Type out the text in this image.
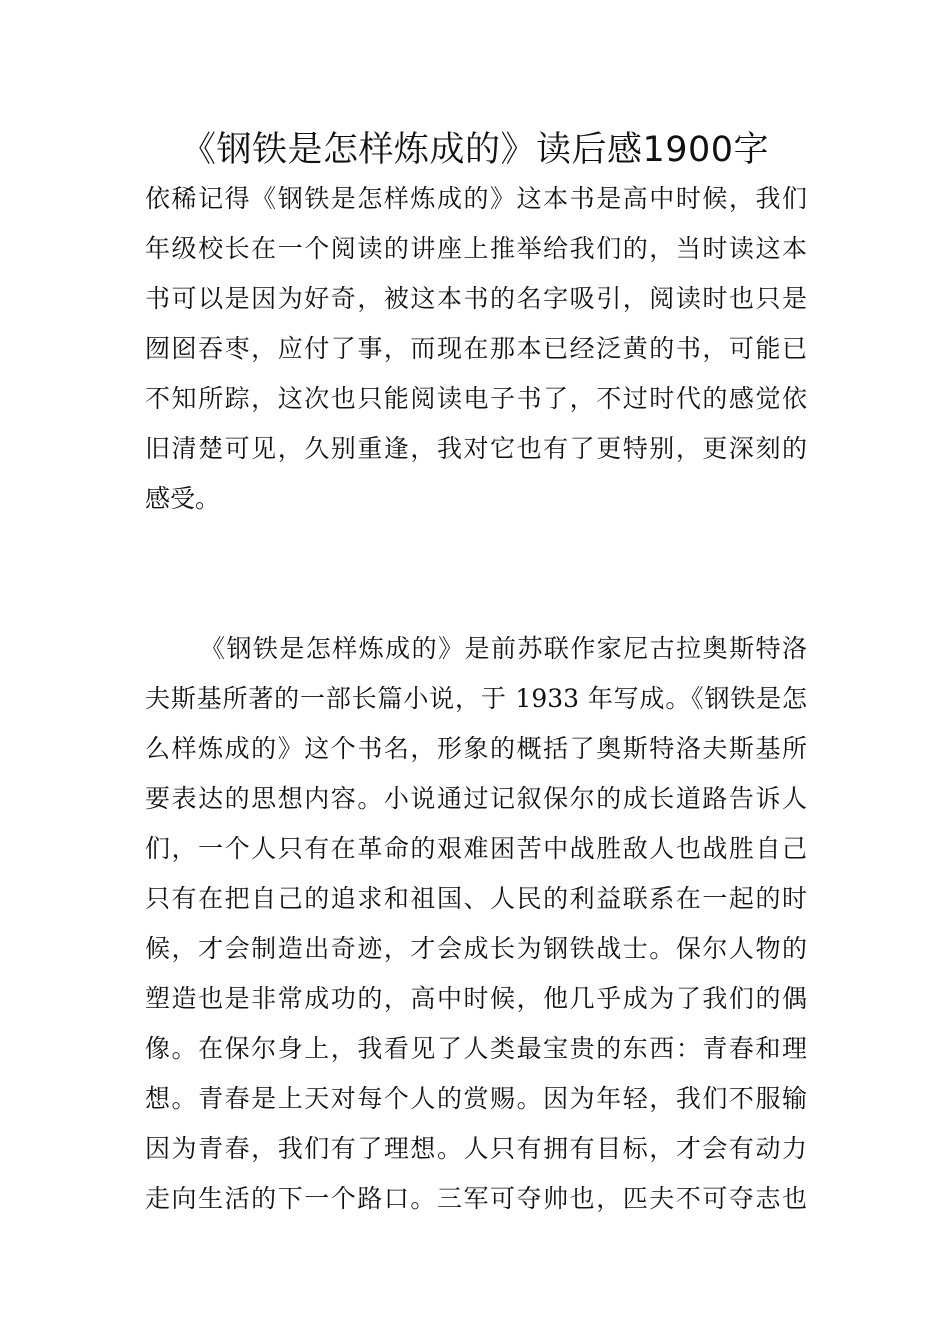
《钢铁是怎样炼成的》读后感1900字
依稀记得《钢铁是怎样炼成的》这本书是高中时候，我们
年级校长在一个阅读的讲座上推举给我们的，当时读这本
书可以是因为好奇，被这本书的名字吸引，阅读时也只是
囫囵吞枣，应付了事，而现在那本已经泛黄的书，可能已
不知所踪，这次也只能阅读电子书了，不过时代的感觉依
旧清楚可见，久别重逢，我对它也有了更特别，更深刻的
感受。
《钢铁是怎样炼成的》是前苏联作家尼古拉奥斯特洛
夫斯基所著的一部长篇小说，于 1933 年写成。《钢铁是怎
么样炼成的》这个书名，形象的概括了奥斯特洛夫斯基所
要表达的思想内容。小说通过记叙保尔的成长道路告诉人
们，一个人只有在革命的艰难困苦中战胜敌人也战胜自己
只有在把自己的追求和祖国、人民的利益联系在一起的时
候，才会制造出奇迹，才会成长为钢铁战士。保尔人物的
塑造也是非常成功的，高中时候，他几乎成为了我们的偶
像。在保尔身上，我看见了人类最宝贵的东西：青春和理
想。青春是上天对每个人的赏赐。因为年轻，我们不服输
因为青春，我们有了理想。人只有拥有目标，才会有动力
走向生活的下一个路口。三军可夺帅也，匹夫不可夺志也
